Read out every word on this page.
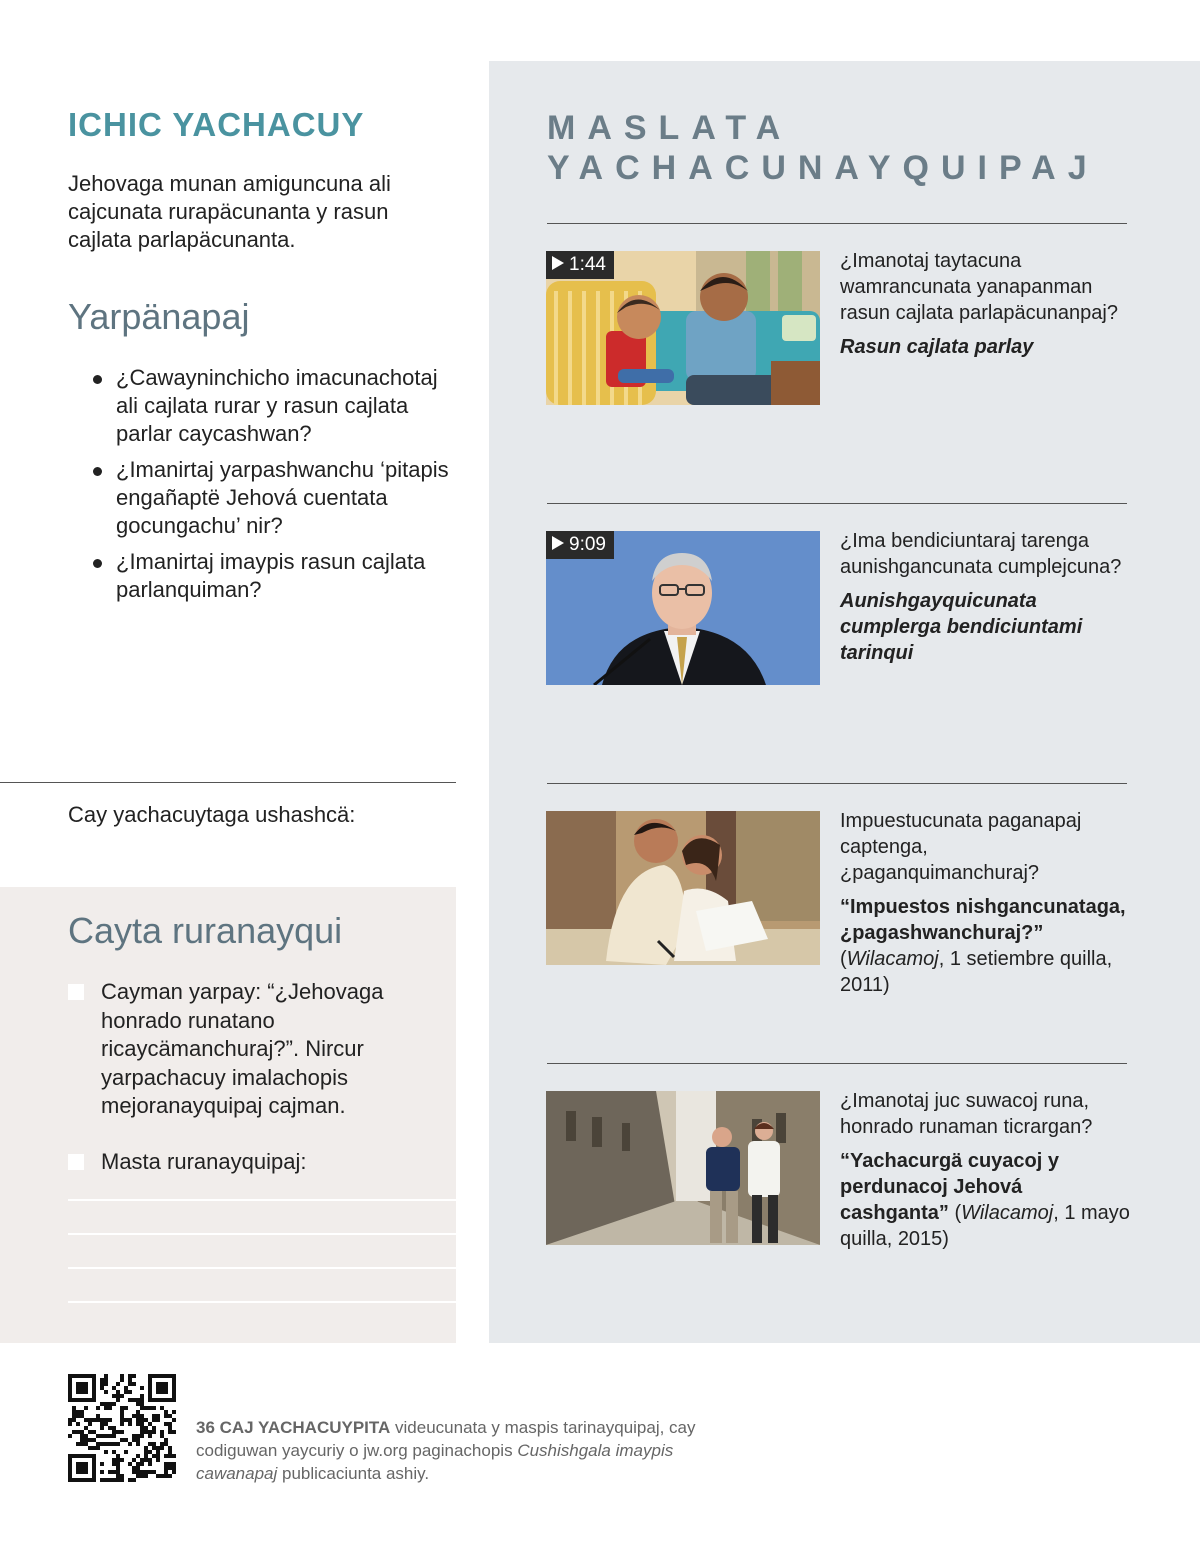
ICHIC YACHACUY
Jehovaga munan amiguncuna ali cajcunata rurapäcunanta y rasun cajlata parlapäcunanta.
Yarpänapaj
¿Cawayninchicho imacunachotaj ali cajlata rurar y rasun cajlata parlar caycashwan?
¿Imanirtaj yarpashwanchu ‘pitapis engañaptë Jehová cuentata gocungachu’ nir?
¿Imanirtaj imaypis rasun cajlata parlanquiman?
Cay yachacuytaga ushashcä:
Cayta ruranayqui
Cayman yarpay: “¿Jehovaga honrado runatano ricaycämanchuraj?”. Nircur yarpachacuy imalachopis mejoranayquipaj cajman.
Masta ruranayquipaj:
MASLATA
YACHACUNAYQUIPAJ
1:44	¿Imanotaj taytacuna wamrancunata yanapanman rasun cajlata parlapäcunanpaj?
Rasun cajlata parlay
9:09	¿Ima bendiciuntaraj tarenga aunishgancunata cumplejcuna?
Aunishgayquicunata cumplerga bendiciuntami tarinqui
Impuestucunata paganapaj captenga, ¿paganquimanchuraj?
“Impuestos nishgancunataga, ¿pagashwanchuraj?” (Wilacamoj, 1 setiembre quilla, 2011)
¿Imanotaj juc suwacoj runa, honrado runaman ticrargan?
“Yachacurgä cuyacoj y perdunacoj Jehová cashganta” (Wilacamoj, 1 mayo quilla, 2015)
36 CAJ YACHACUYPITA videucunata y maspis tarinayquipaj, cay codiguwan yaycuriy o jw.org paginachopis Cushishgala imaypis cawanapaj publicaciunta ashiy.
